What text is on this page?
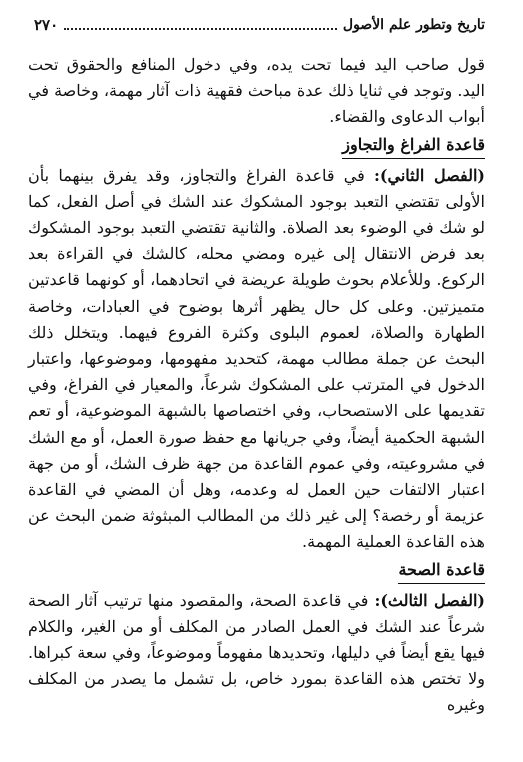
تاريخ وتطور علم الأصول
٢٧٠

قول صاحب اليد فيما تحت يده، وفي دخول المنافع والحقوق تحت اليد. وتوجد في ثنايا ذلك عدة مباحث فقهية ذات آثار مهمة، وخاصة في أبواب الدعاوى والقضاء.

قاعدة الفراغ والتجاوز

(الفصل الثاني): في قاعدة الفراغ والتجاوز، وقد يفرق بينهما بأن الأولى تقتضي التعبد بوجود المشكوك عند الشك في أصل الفعل، كما لو شك في الوضوء بعد الصلاة. والثانية تقتضي التعبد بوجود المشكوك بعد فرض الانتقال إلى غيره ومضي محله، كالشك في القراءة بعد الركوع. وللأعلام بحوث طويلة عريضة في اتحادهما، أو كونهما قاعدتين متميزتين. وعلى كل حال يظهر أثرها بوضوح في العبادات، وخاصة الطهارة والصلاة، لعموم البلوى وكثرة الفروع فيهما. ويتخلل ذلك البحث عن جملة مطالب مهمة، كتحديد مفهومها، وموضوعها، واعتبار الدخول في المترتب على المشكوك شرعاً، والمعيار في الفراغ، وفي تقديمها على الاستصحاب، وفي اختصاصها بالشبهة الموضوعية، أو تعم الشبهة الحكمية أيضاً، وفي جريانها مع حفظ صورة العمل، أو مع الشك في مشروعيته، وفي عموم القاعدة من جهة ظرف الشك، أو من جهة اعتبار الالتفات حين العمل له وعدمه، وهل أن المضي في القاعدة عزيمة أو رخصة؟ إلى غير ذلك من المطالب المبثوثة ضمن البحث عن هذه القاعدة العملية المهمة.

قاعدة الصحة

(الفصل الثالث): في قاعدة الصحة، والمقصود منها ترتيب آثار الصحة شرعاً عند الشك في العمل الصادر من المكلف أو من الغير، والكلام فيها يقع أيضاً في دليلها، وتحديدها مفهوماً وموضوعاً، وفي سعة كبراها. ولا تختص هذه القاعدة بمورد خاص، بل تشمل ما يصدر من المكلف وغيره
